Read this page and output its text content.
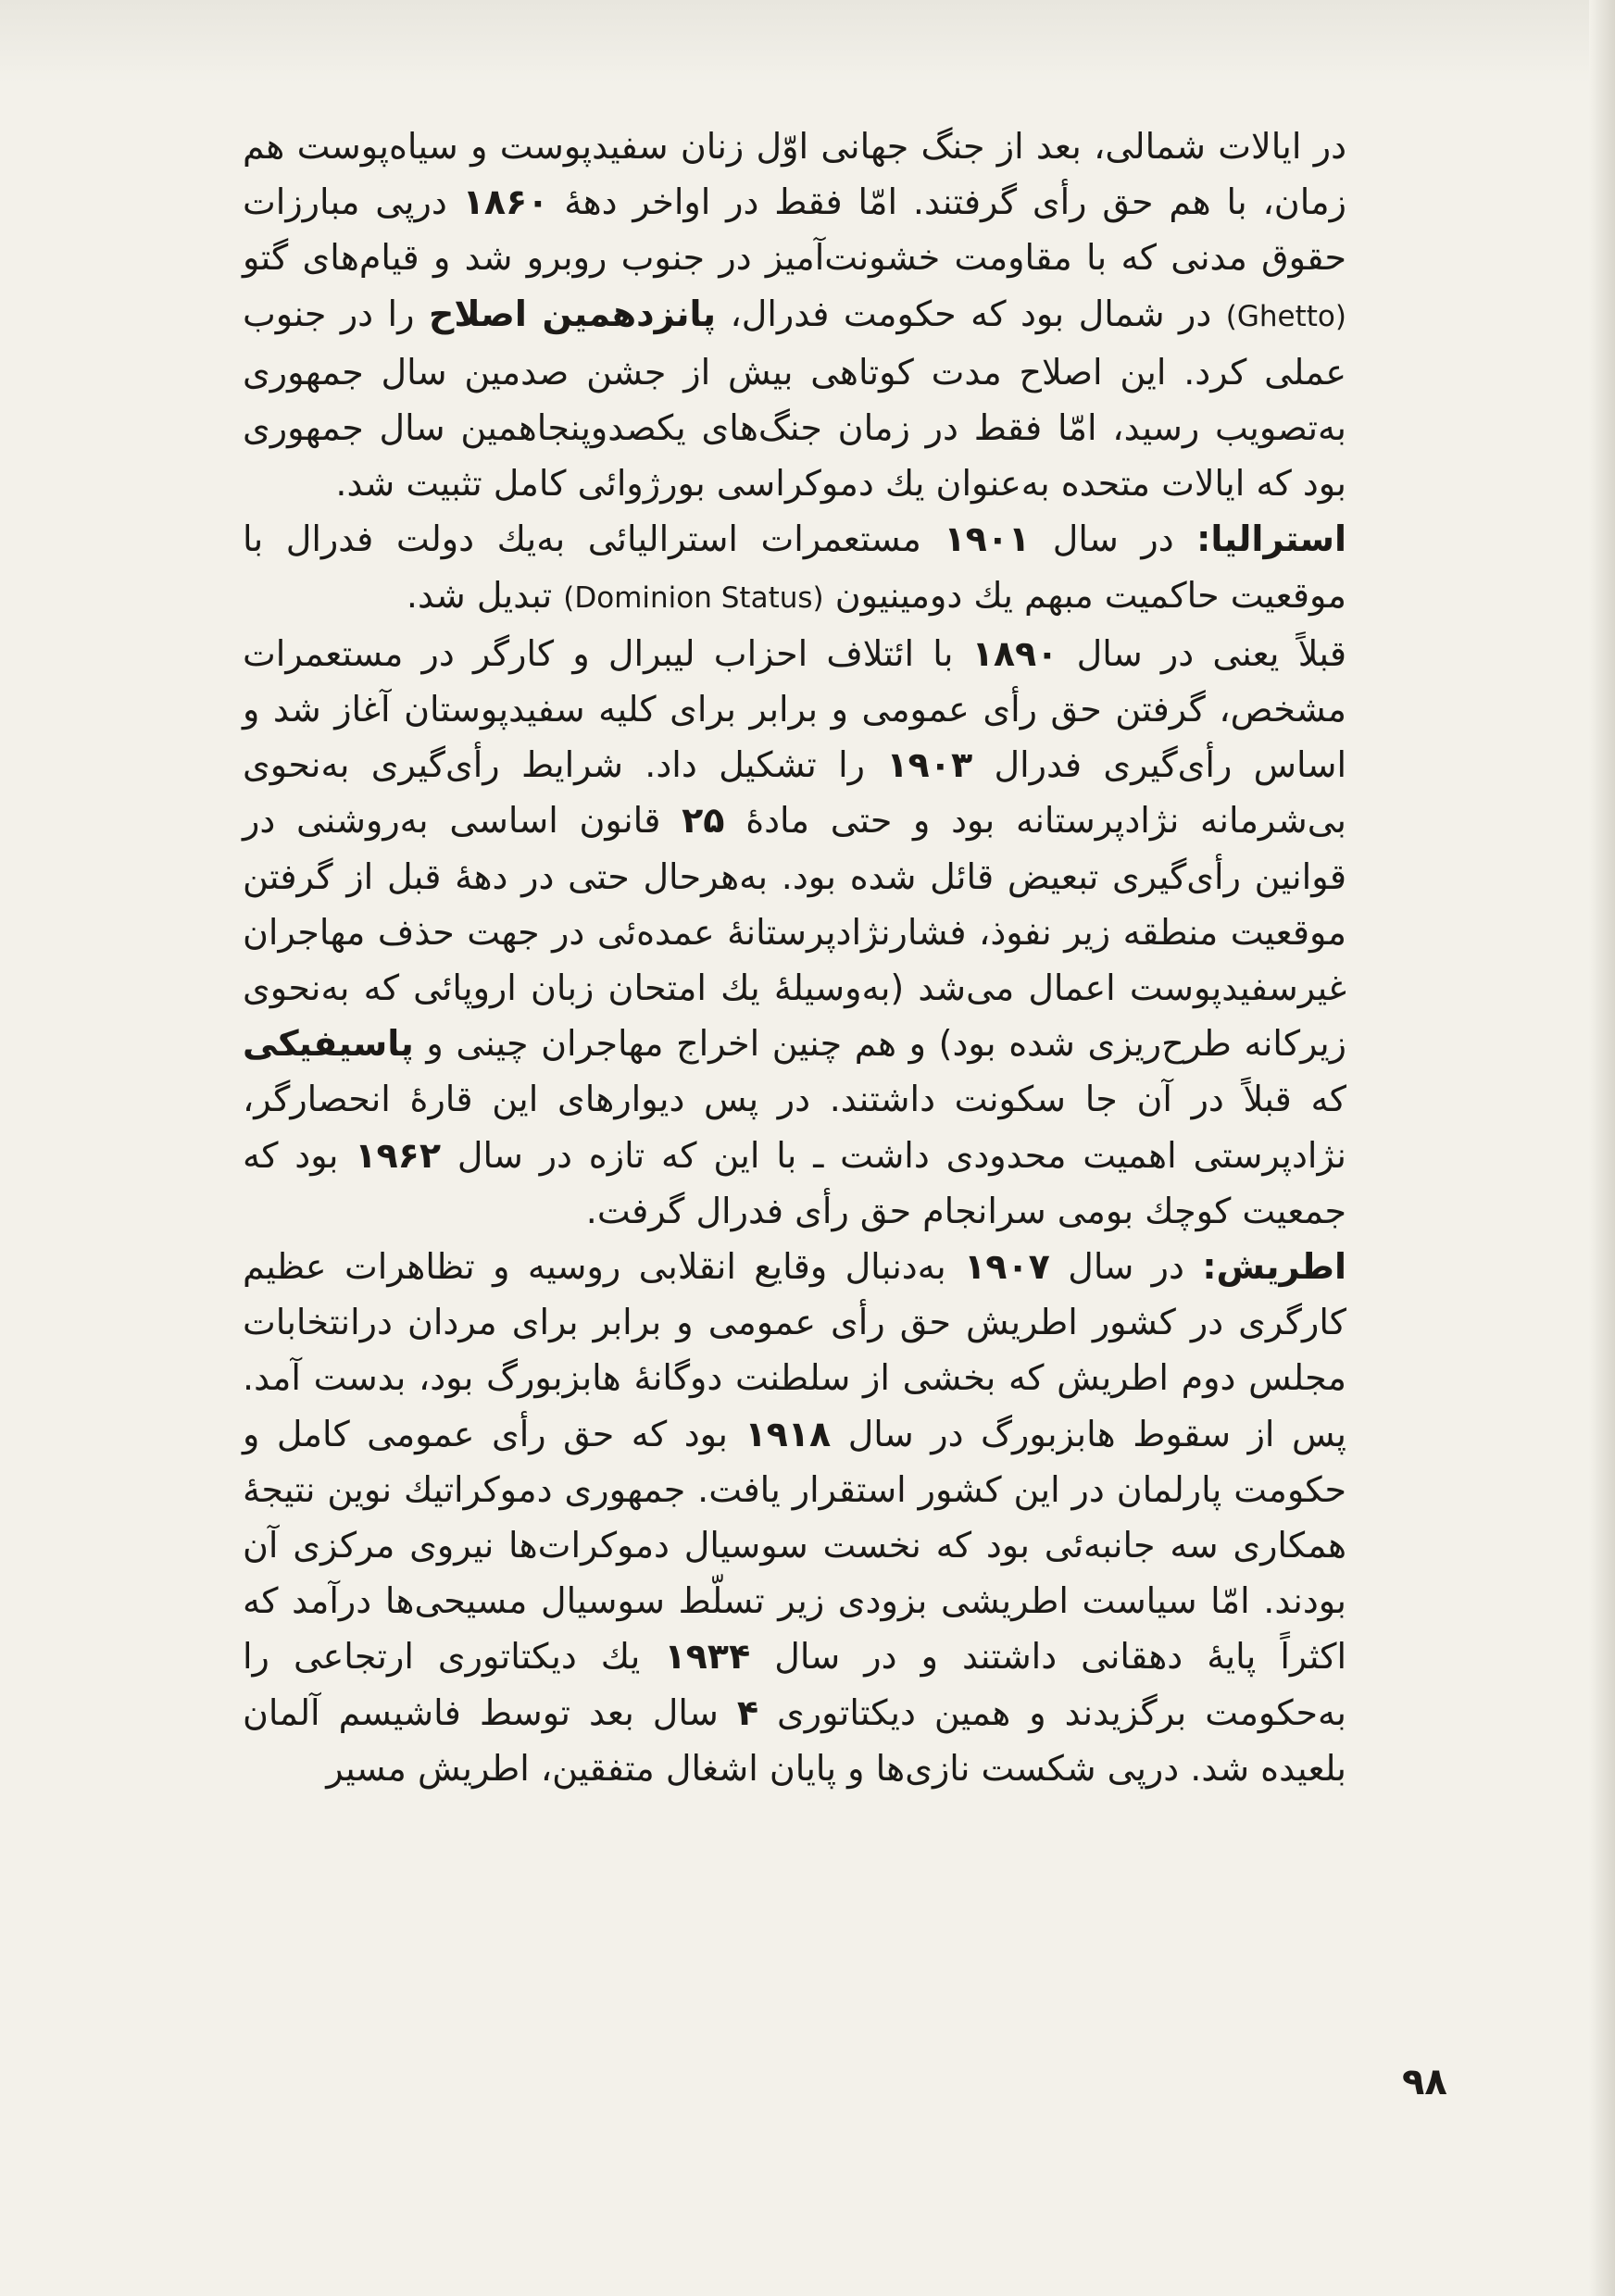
در ایالات شمالی، بعد از جنگ جهانی اوّل زنان سفیدپوست و سیاه‌پوست هم زمان، با هم حق رأی گرفتند. امّا فقط در اواخر دههٔ ۱۸۶۰ درپی مبارزات حقوق مدنی که با مقاومت خشونت‌آمیز در جنوب روبرو شد و قیام‌های گتو (Ghetto) در شمال بود که حکومت فدرال، پانزدهمین اصلاح را در جنوب عملی کرد. این اصلاح مدت کوتاهی بیش از جشن صدمین سال جمهوری به‌تصویب رسید، امّا فقط در زمان جنگ‌های یکصدوپنجاهمین سال جمهوری بود که ایالات متحده به‌عنوان یك دموکراسی بورژوائی کامل تثبیت شد.

استرالیا: در سال ۱۹۰۱ مستعمرات استرالیائی به‌یك دولت فدرال با موقعیت حاکمیت مبهم یك دومینیون (Dominion Status) تبدیل شد.

قبلاً یعنی در سال ۱۸۹۰ با ائتلاف احزاب لیبرال و کارگر در مستعمرات مشخص، گرفتن حق رأی عمومی و برابر برای کلیه سفیدپوستان آغاز شد و اساس رأی‌گیری فدرال ۱۹۰۳ را تشکیل داد. شرایط رأی‌گیری به‌نحوی بی‌شرمانه نژادپرستانه بود و حتی مادهٔ ۲۵ قانون اساسی به‌روشنی در قوانین رأی‌گیری تبعیض قائل شده بود. به‌هرحال حتی در دههٔ قبل از گرفتن موقعیت منطقه زیر نفوذ، فشارنژادپرستانهٔ عمده‌ئی در جهت حذف مهاجران غیرسفیدپوست اعمال می‌شد (به‌وسیلهٔ یك امتحان زبان اروپائی که به‌نحوی زیرکانه طرح‌ریزی شده بود) و هم چنین اخراج مهاجران چینی و پاسیفیکی که قبلاً در آن جا سکونت داشتند. در پس دیوارهای این قارهٔ انحصارگر، نژادپرستی اهمیت محدودی داشت ـ با این که تازه در سال ۱۹۶۲ بود که جمعیت کوچك بومی سرانجام حق رأی فدرال گرفت.

اطریش: در سال ۱۹۰۷ به‌دنبال وقایع انقلابی روسیه و تظاهرات عظیم کارگری در کشور اطریش حق رأی عمومی و برابر برای مردان درانتخابات مجلس دوم اطریش که بخشی از سلطنت دوگانهٔ هابزبورگ بود، بدست آمد. پس از سقوط هابزبورگ در سال ۱۹۱۸ بود که حق رأی عمومی کامل و حکومت پارلمان در این کشور استقرار یافت. جمهوری دموکراتیك نوین نتیجهٔ همکاری سه جانبه‌ئی بود که نخست سوسیال دموکرات‌ها نیروی مرکزی آن بودند. امّا سیاست اطریشی بزودی زیر تسلّط سوسیال مسیحی‌ها درآمد که اکثراً پایهٔ دهقانی داشتند و در سال ۱۹۳۴ یك دیکتاتوری ارتجاعی را به‌حکومت برگزیدند و همین دیکتاتوری ۴ سال بعد توسط فاشیسم آلمان بلعیده شد. درپی شکست نازی‌ها و پایان اشغال متفقین، اطریش مسیر

۹۸
